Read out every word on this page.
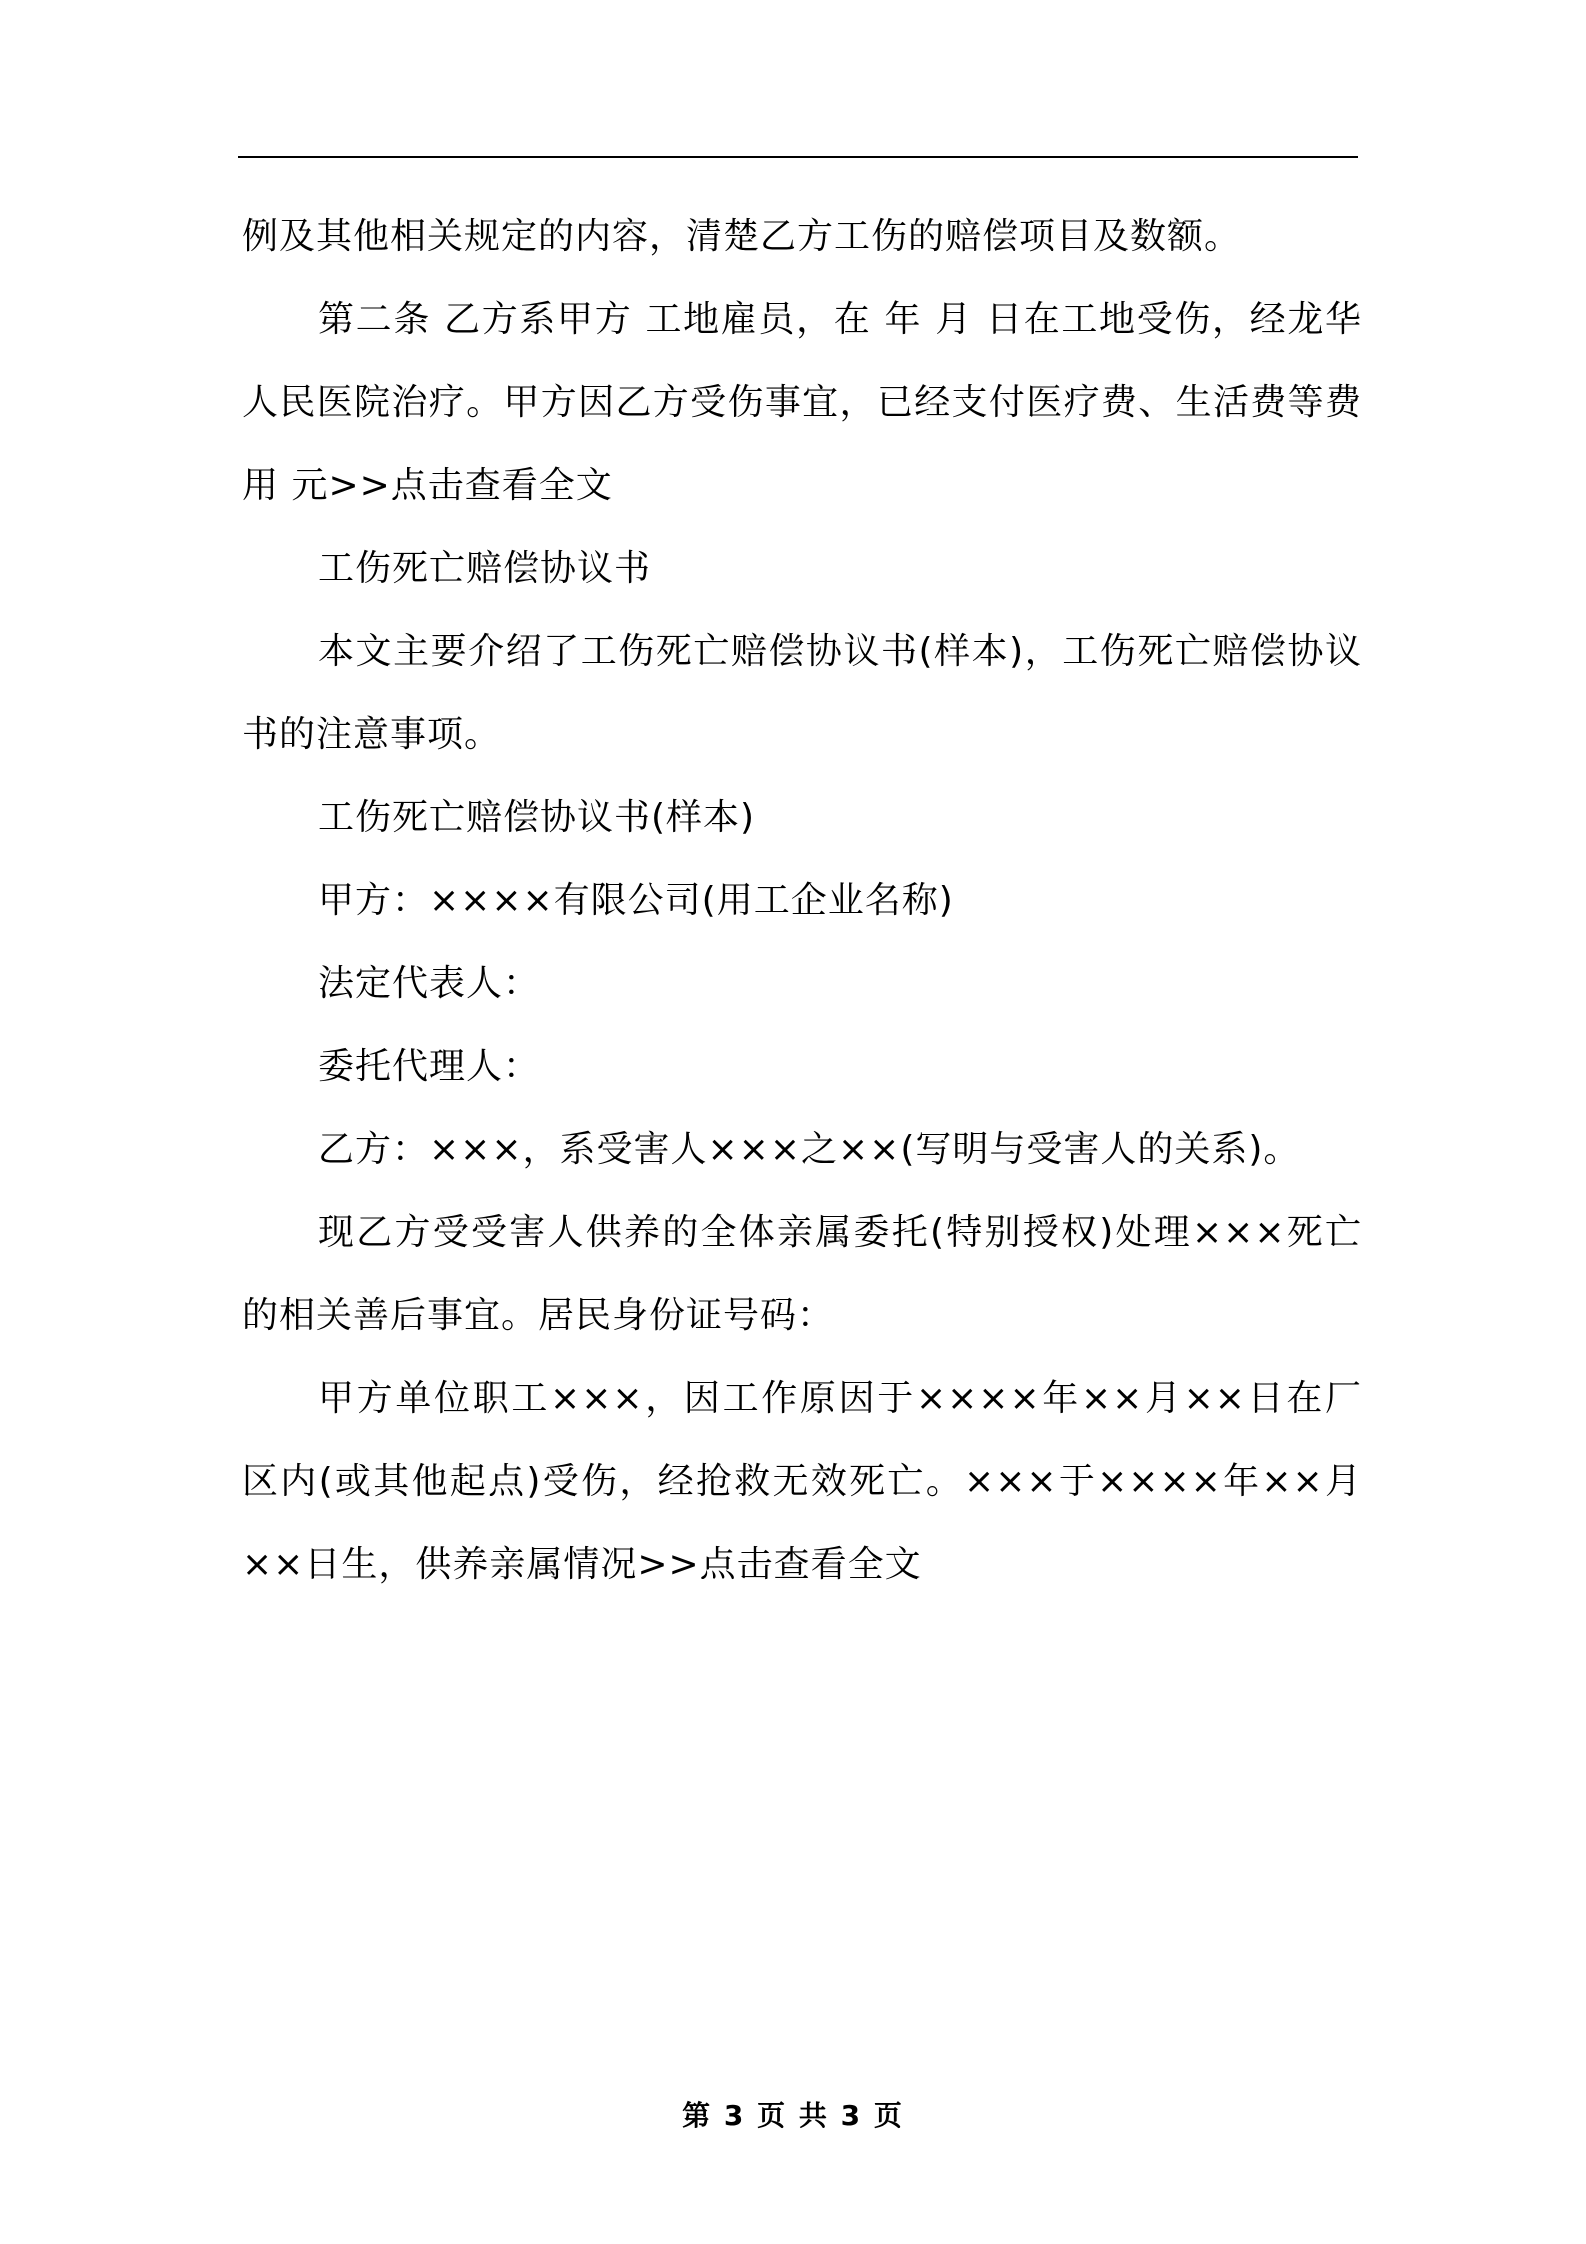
例及其他相关规定的内容，清楚乙方工伤的赔偿项目及数额。

第二条 乙方系甲方 工地雇员，在 年 月 日在工地受伤，经龙华人民医院治疗。甲方因乙方受伤事宜，已经支付医疗费、生活费等费用 元>>点击查看全文

工伤死亡赔偿协议书

本文主要介绍了工伤死亡赔偿协议书(样本)，工伤死亡赔偿协议书的注意事项。

工伤死亡赔偿协议书(样本)

甲方：××××有限公司(用工企业名称)

法定代表人：

委托代理人：

乙方：×××，系受害人×××之××(写明与受害人的关系)。

现乙方受受害人供养的全体亲属委托(特别授权)处理×××死亡的相关善后事宜。居民身份证号码：

甲方单位职工×××，因工作原因于××××年××月××日在厂区内(或其他起点)受伤，经抢救无效死亡。×××于××××年××月××日生，供养亲属情况>>点击查看全文

第 3 页 共 3 页
